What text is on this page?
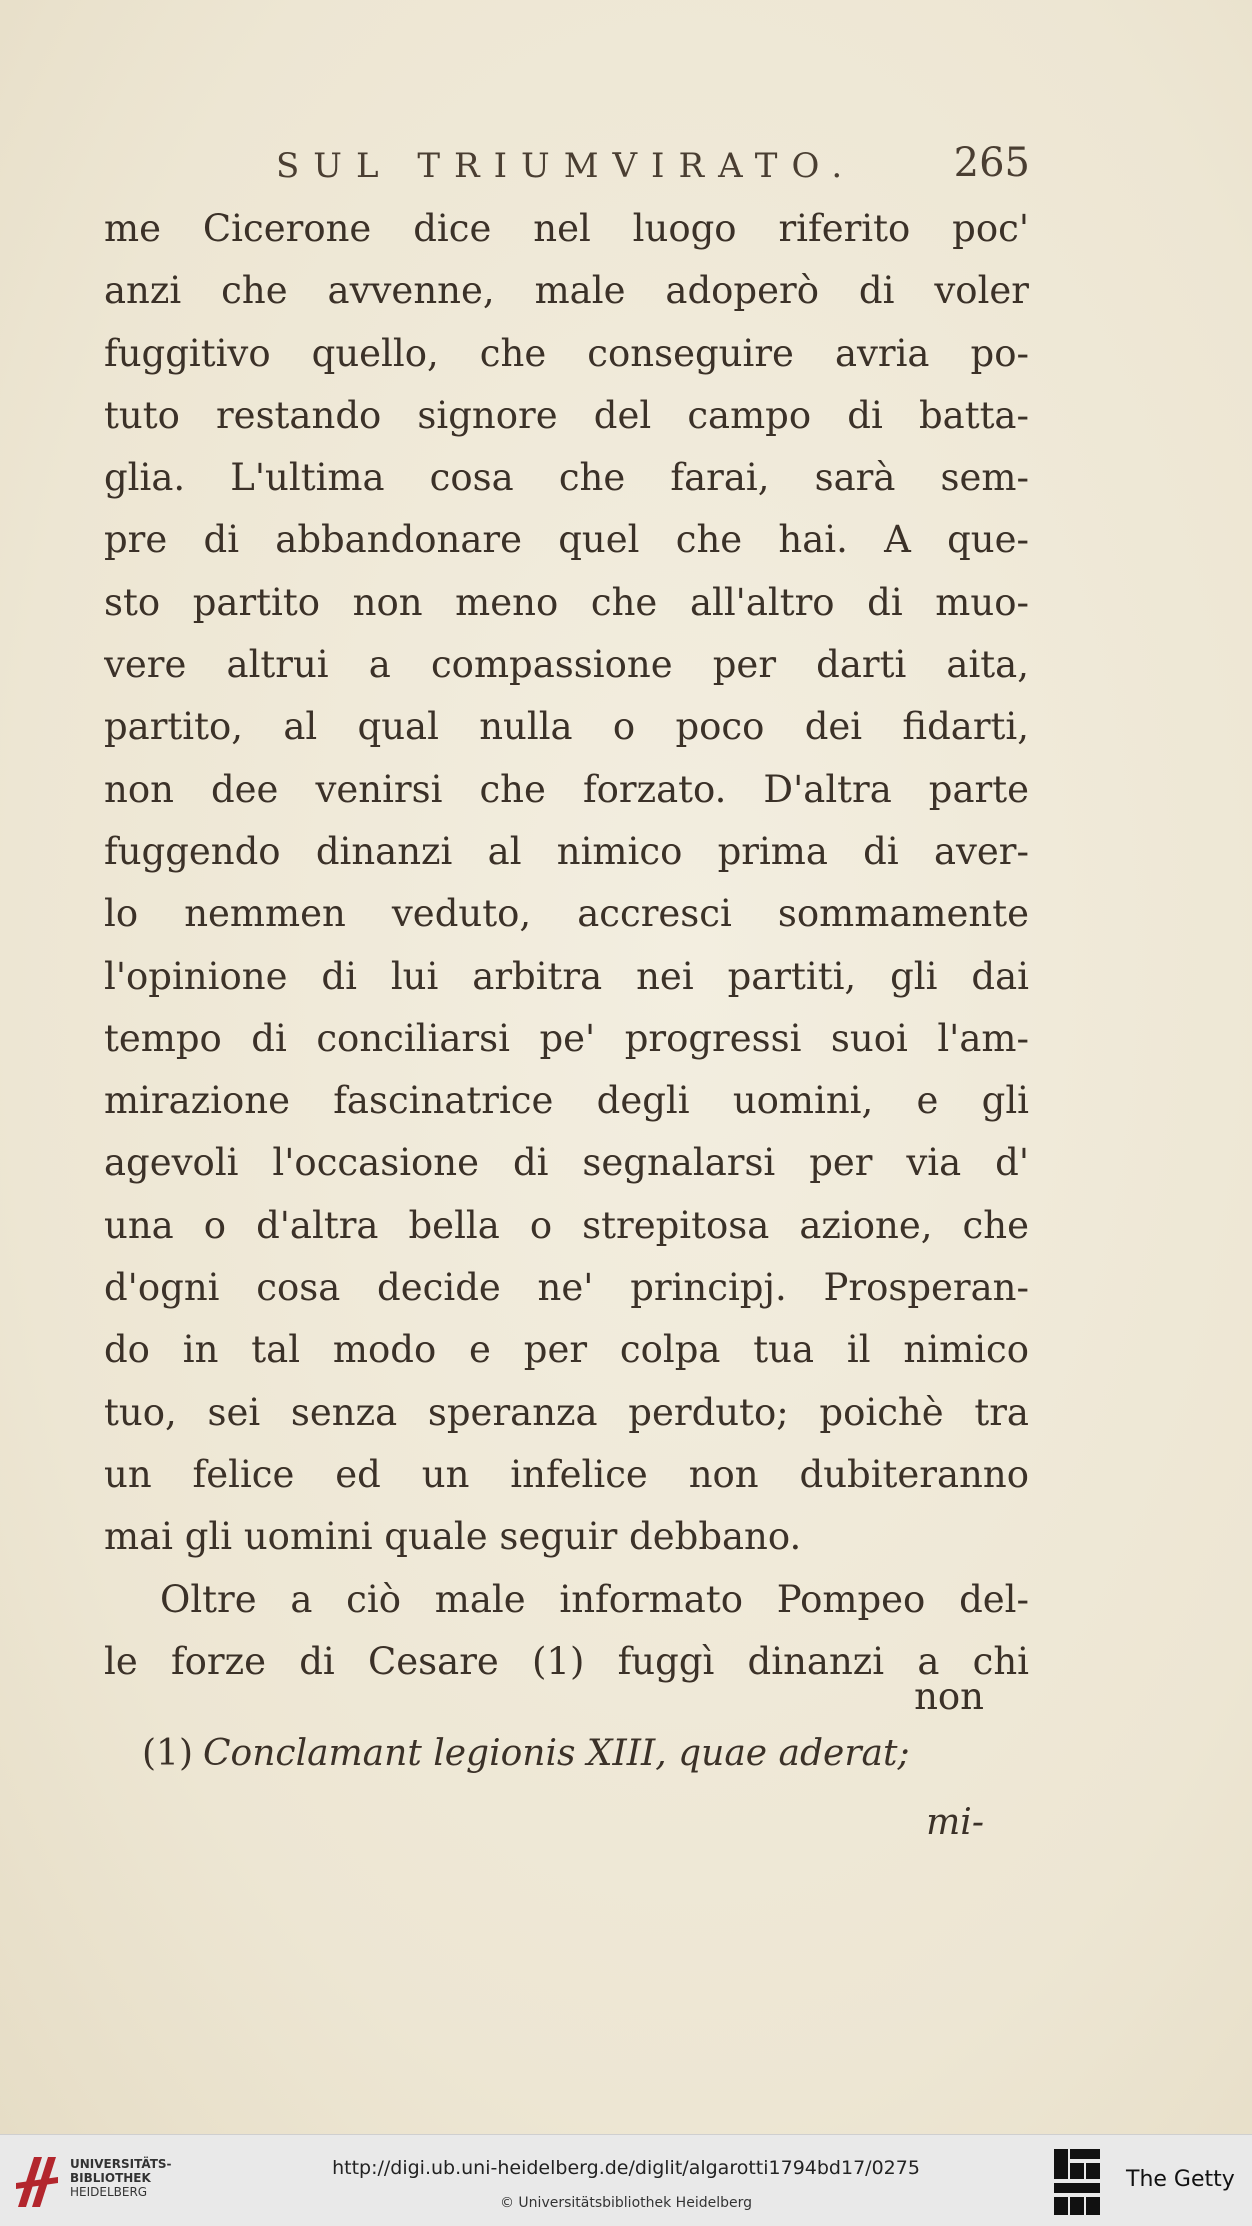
SUL TRIUMVIRATO. 265
me Cicerone dice nel luogo riferito poc'
anzi che avvenne, male adoperò di voler
fuggitivo quello, che conseguire avria po-
tuto restando signore del campo di batta-
glia. L'ultima cosa che farai, sarà sem-
pre di abbandonare quel che hai. A que-
sto partito non meno che all'altro di muo-
vere altrui a compassione per darti aita,
partito, al qual nulla o poco dei fidarti,
non dee venirsi che forzato. D'altra parte
fuggendo dinanzi al nimico prima di aver-
lo nemmen veduto, accresci sommamente
l'opinione di lui arbitra nei partiti, gli dai
tempo di conciliarsi pe' progressi suoi l'am-
mirazione fascinatrice degli uomini, e gli
agevoli l'occasione di segnalarsi per via d'
una o d'altra bella o strepitosa azione, che
d'ogni cosa decide ne' principj. Prosperan-
do in tal modo e per colpa tua il nimico
tuo, sei senza speranza perduto; poichè tra
un felice ed un infelice non dubiteranno
mai gli uomini quale seguir debbano.
Oltre a ciò male informato Pompeo del-
le forze di Cesare (1) fuggì dinanzi a chi
non
(1) Conclamant legionis XIII, quae aderat;
mi-
UNIVERSITÄTS-
BIBLIOTHEK
HEIDELBERG
http://digi.ub.uni-heidelberg.de/diglit/algarotti1794bd17/0275
© Universitätsbibliothek Heidelberg
The Getty
